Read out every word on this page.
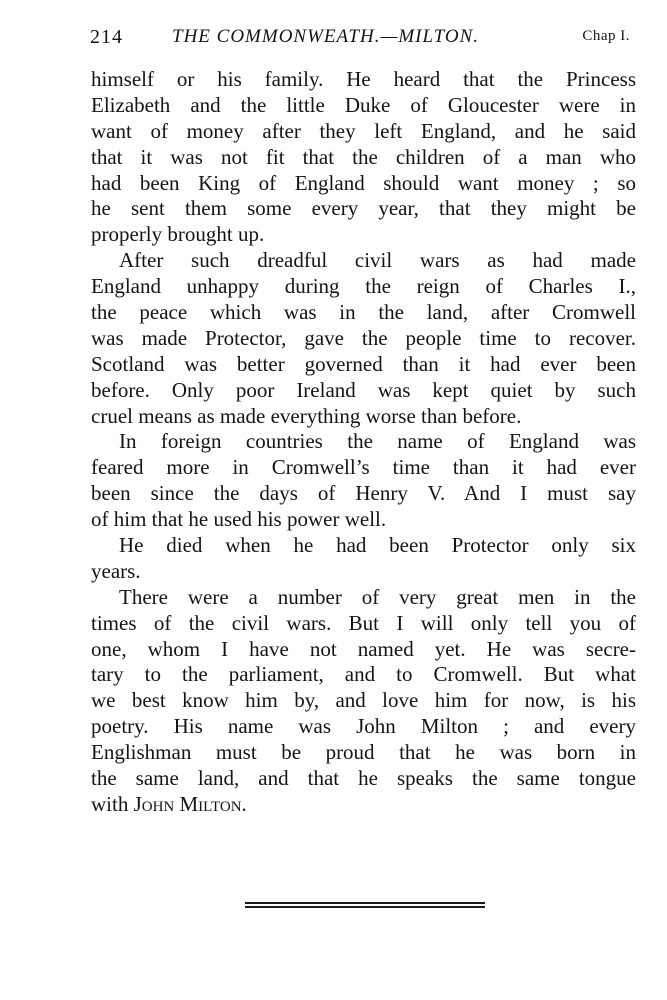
214	THE COMMONWEATH.—MILTON.	Chap I.
himself or his family. He heard that the Princess
Elizabeth and the little Duke of Gloucester were in
want of money after they left England, and he said
that it was not fit that the children of a man who
had been King of England should want money ; so
he sent them some every year, that they might be
properly brought up.
After such dreadful civil wars as had made
England unhappy during the reign of Charles I.,
the peace which was in the land, after Cromwell
was made Protector, gave the people time to recover.
Scotland was better governed than it had ever been
before. Only poor Ireland was kept quiet by such
cruel means as made everything worse than before.
In foreign countries the name of England was
feared more in Cromwell’s time than it had ever
been since the days of Henry V. And I must say
of him that he used his power well.
He died when he had been Protector only six
years.
There were a number of very great men in the
times of the civil wars. But I will only tell you of
one, whom I have not named yet. He was secre-
tary to the parliament, and to Cromwell. But what
we best know him by, and love him for now, is his
poetry. His name was John Milton ; and every
Englishman must be proud that he was born in
the same land, and that he speaks the same tongue
with John Milton.
